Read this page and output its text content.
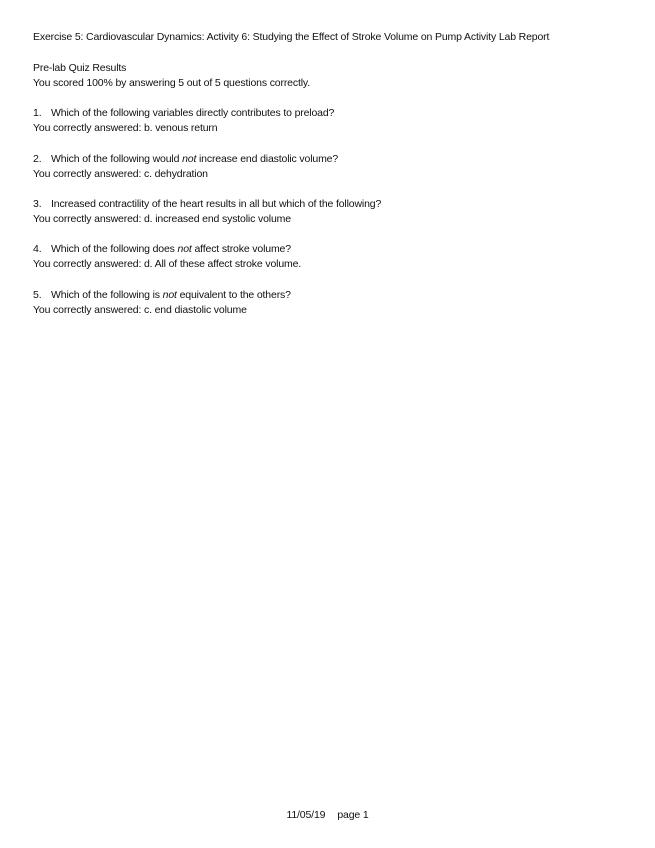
Exercise 5: Cardiovascular Dynamics: Activity 6: Studying the Effect of Stroke Volume on Pump Activity Lab Report
Pre-lab Quiz Results
You scored 100% by answering 5 out of 5 questions correctly.
1. Which of the following variables directly contributes to preload?
You correctly answered: b. venous return
2. Which of the following would not increase end diastolic volume?
You correctly answered: c. dehydration
3. Increased contractility of the heart results in all but which of the following?
You correctly answered: d. increased end systolic volume
4. Which of the following does not affect stroke volume?
You correctly answered: d. All of these affect stroke volume.
5. Which of the following is not equivalent to the others?
You correctly answered: c. end diastolic volume
11/05/19 page 1
